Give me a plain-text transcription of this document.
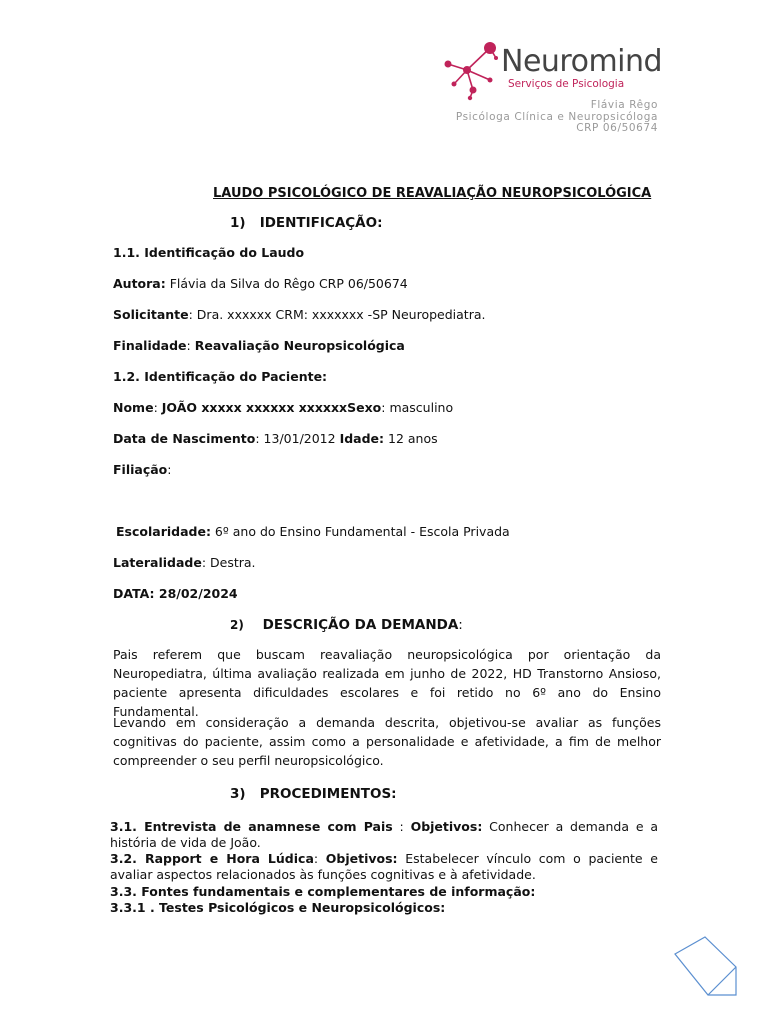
Neuromind
Serviços de Psicologia
Flávia Rêgo
Psicóloga Clínica e Neuropsicóloga
CRP 06/50674
LAUDO PSICOLÓGICO DE REAVALIAÇÃO NEUROPSICOLÓGICA
1) IDENTIFICAÇÃO:
1.1. Identificação do Laudo
Autora: Flávia da Silva do Rêgo CRP 06/50674
Solicitante: Dra. xxxxxx CRM: xxxxxxx -SP Neuropediatra.
Finalidade: Reavaliação Neuropsicológica
1.2. Identificação do Paciente:
Nome: JOÃO xxxxx xxxxxx xxxxxxSexo: masculino
Data de Nascimento: 13/01/2012 Idade: 12 anos
Filiação:
Escolaridade: 6º ano do Ensino Fundamental - Escola Privada
Lateralidade: Destra.
DATA: 28/02/2024
2) DESCRIÇÃO DA DEMANDA:
Pais referem que buscam reavaliação neuropsicológica por orientação da Neuropediatra, última avaliação realizada em junho de 2022, HD Transtorno Ansioso, paciente apresenta dificuldades escolares e foi retido no 6º ano do Ensino Fundamental.
Levando em consideração a demanda descrita, objetivou-se avaliar as funções cognitivas do paciente, assim como a personalidade e afetividade, a fim de melhor compreender o seu perfil neuropsicológico.
3) PROCEDIMENTOS:
3.1. Entrevista de anamnese com Pais : Objetivos: Conhecer a demanda e a história de vida de João.
3.2. Rapport e Hora Lúdica: Objetivos: Estabelecer vínculo com o paciente e avaliar aspectos relacionados às funções cognitivas e à afetividade.
3.3. Fontes fundamentais e complementares de informação:
3.3.1 . Testes Psicológicos e Neuropsicológicos:
